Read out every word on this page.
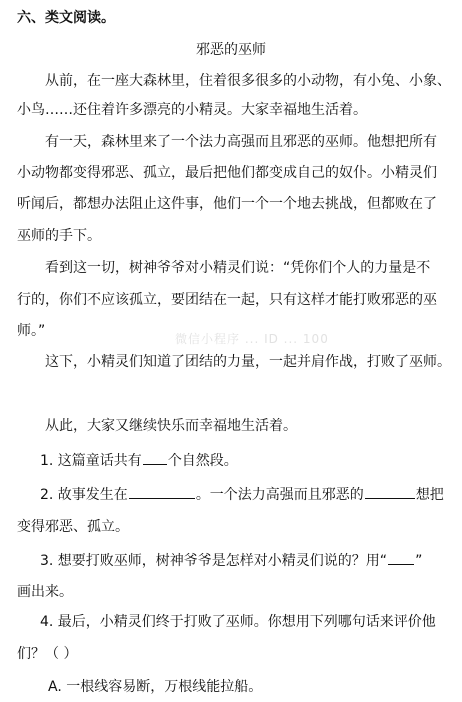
六、类文阅读。
邪恶的巫师
从前，在一座大森林里，住着很多很多的小动物，有小兔、小象、
小鸟……还住着许多漂亮的小精灵。大家幸福地生活着。
有一天，森林里来了一个法力高强而且邪恶的巫师。他想把所有
小动物都变得邪恶、孤立，最后把他们都变成自己的奴仆。小精灵们
听闻后，都想办法阻止这件事，他们一个一个地去挑战，但都败在了
巫师的手下。
看到这一切，树神爷爷对小精灵们说：“凭你们个人的力量是不
行的，你们不应该孤立，要团结在一起，只有这样才能打败邪恶的巫
师。”	微信小程序 ... ID ... 100
这下，小精灵们知道了团结的力量，一起并肩作战，打败了巫师。
从此，大家又继续快乐而幸福地生活着。
1. 这篇童话共有 个自然段。
2. 故事发生在	。一个法力高强而且邪恶的	想把
变得邪恶、孤立。
3. 想要打败巫师，树神爷爷是怎样对小精灵们说的？用“ ”
画出来。
4. 最后，小精灵们终于打败了巫师。你想用下列哪句话来评价他
们？（ ）
A. 一根线容易断，万根线能拉船。
